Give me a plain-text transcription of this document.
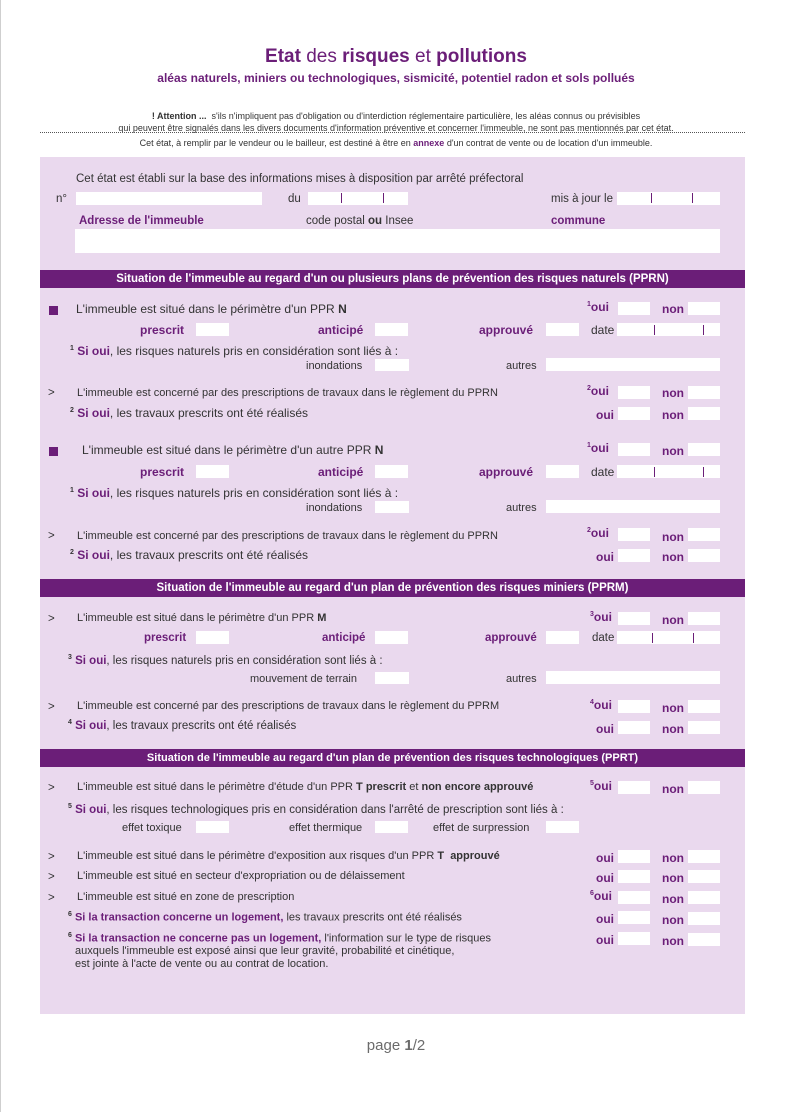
Etat des risques et pollutions
aléas naturels, miniers ou technologiques, sismicité, potentiel radon et sols pollués
! Attention ... s'ils n'impliquent pas d'obligation ou d'interdiction réglementaire particulière, les aléas connus ou prévisibles
qui peuvent être signalés dans les divers documents d'information préventive et concerner l'immeuble, ne sont pas mentionnés par cet état.
Cet état, à remplir par le vendeur ou le bailleur, est destiné à être en annexe d'un contrat de vente ou de location d'un immeuble.
Cet état est établi sur la base des informations mises à disposition par arrêté préfectoral
n°	du	mis à jour le
Adresse de l'immeuble	code postal ou Insee	commune
Situation de l'immeuble au regard d'un ou plusieurs plans de prévention des risques naturels (PPRN)
L'immeuble est situé dans le périmètre d'un PPR N	$^1$oui	non
prescrit	anticipé	approuvé	date
$^1$ Si oui, les risques naturels pris en considération sont liés à :
inondations	autres
> L'immeuble est concerné par des prescriptions de travaux dans le règlement du PPRN	$^2$oui	non
$^2$ Si oui, les travaux prescrits ont été réalisés	oui	non
L'immeuble est situé dans le périmètre d'un autre PPR N	$^1$oui	non
prescrit	anticipé	approuvé	date
$^1$ Si oui, les risques naturels pris en considération sont liés à :
inondations	autres
> L'immeuble est concerné par des prescriptions de travaux dans le règlement du PPRN	$^2$oui	non
$^2$ Si oui, les travaux prescrits ont été réalisés	oui	non
Situation de l'immeuble au regard d'un plan de prévention des risques miniers (PPRM)
> L'immeuble est situé dans le périmètre d'un PPR M	$^3$oui	non
prescrit	anticipé	approuvé	date
$^3$ Si oui, les risques naturels pris en considération sont liés à :
mouvement de terrain	autres
> L'immeuble est concerné par des prescriptions de travaux dans le règlement du PPRM	$^4$oui	non
$^4$ Si oui, les travaux prescrits ont été réalisés	oui	non
Situation de l'immeuble au regard d'un plan de prévention des risques technologiques (PPRT)
> L'immeuble est situé dans le périmètre d'étude d'un PPR T prescrit et non encore approuvé	$^5$oui	non
$^5$ Si oui, les risques technologiques pris en considération dans l'arrêté de prescription sont liés à :
effet toxique	effet thermique	effet de surpression
> L'immeuble est situé dans le périmètre d'exposition aux risques d'un PPR T approuvé	oui	non
> L'immeuble est situé en secteur d'expropriation ou de délaissement	oui	non
> L'immeuble est situé en zone de prescription	$^6$oui	non
$^6$ Si la transaction concerne un logement, les travaux prescrits ont été réalisés	oui	non
$^6$ Si la transaction ne concerne pas un logement, l'information sur le type de risques
auxquels l'immeuble est exposé ainsi que leur gravité, probabilité et cinétique,
est jointe à l'acte de vente ou au contrat de location.
oui	non
page 1/2
